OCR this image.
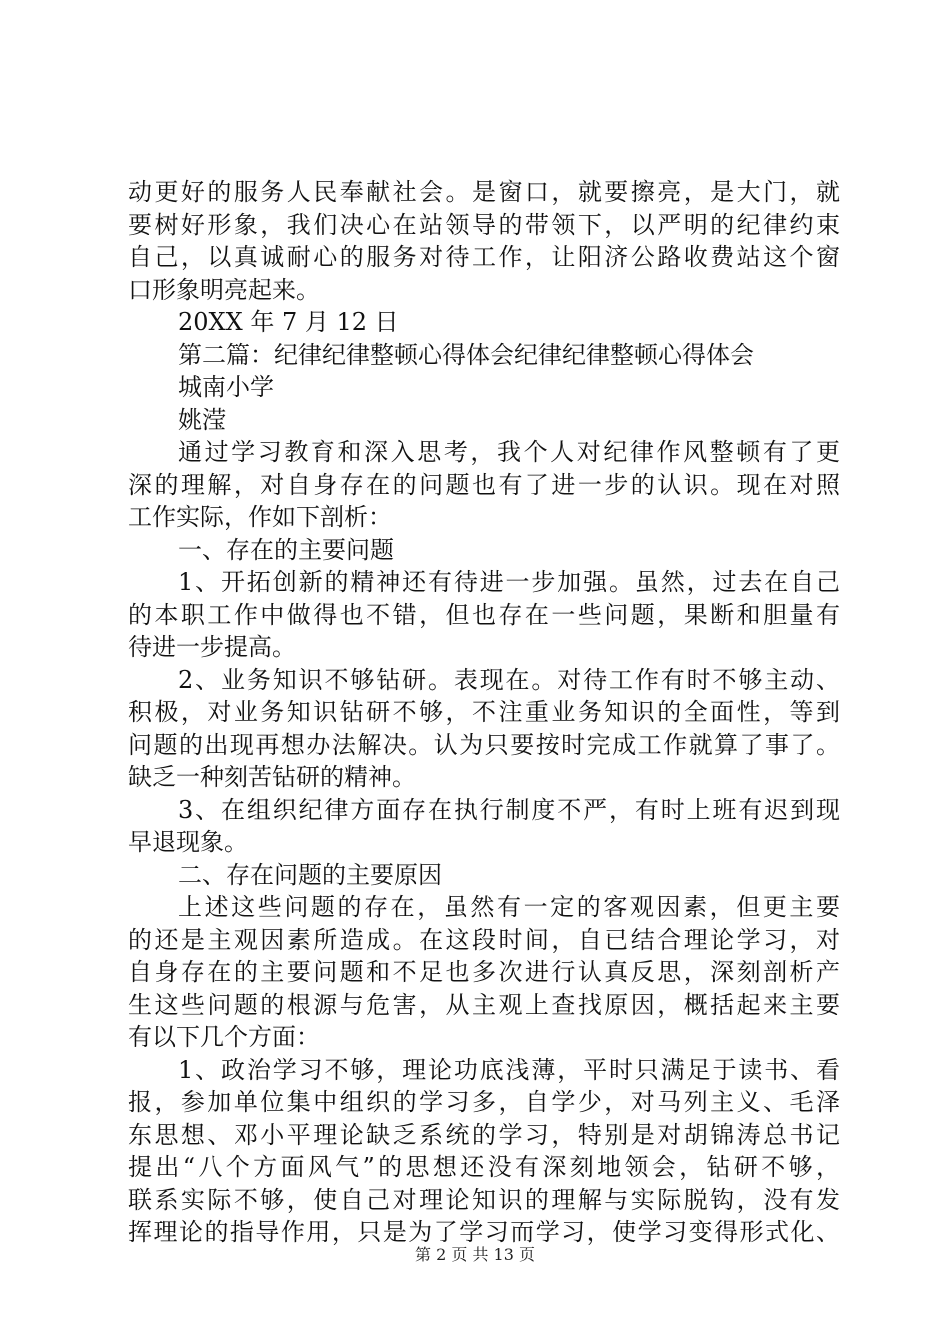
动更好的服务人民奉献社会。是窗口，就要擦亮，是大门，就
要树好形象，我们决心在站领导的带领下，以严明的纪律约束
自己，以真诚耐心的服务对待工作，让阳济公路收费站这个窗
口形象明亮起来。
20XX 年 7 月 12 日
第二篇：纪律纪律整顿心得体会纪律纪律整顿心得体会
城南小学
姚滢
通过学习教育和深入思考，我个人对纪律作风整顿有了更
深的理解，对自身存在的问题也有了进一步的认识。现在对照
工作实际，作如下剖析：
一、存在的主要问题
1、开拓创新的精神还有待进一步加强。虽然，过去在自己
的本职工作中做得也不错，但也存在一些问题，果断和胆量有
待进一步提高。
2、业务知识不够钻研。表现在。对待工作有时不够主动、
积极，对业务知识钻研不够，不注重业务知识的全面性，等到
问题的出现再想办法解决。认为只要按时完成工作就算了事了。
缺乏一种刻苦钻研的精神。
3、在组织纪律方面存在执行制度不严，有时上班有迟到现
早退现象。
二、存在问题的主要原因
上述这些问题的存在，虽然有一定的客观因素，但更主要
的还是主观因素所造成。在这段时间，自已结合理论学习，对
自身存在的主要问题和不足也多次进行认真反思，深刻剖析产
生这些问题的根源与危害，从主观上查找原因，概括起来主要
有以下几个方面：
1、政治学习不够，理论功底浅薄，平时只满足于读书、看
报，参加单位集中组织的学习多，自学少，对马列主义、毛泽
东思想、邓小平理论缺乏系统的学习，特别是对胡锦涛总书记
提出“八个方面风气”的思想还没有深刻地领会，钻研不够，
联系实际不够，使自己对理论知识的理解与实际脱钩，没有发
挥理论的指导作用，只是为了学习而学习，使学习变得形式化、
第 2 页 共 13 页
